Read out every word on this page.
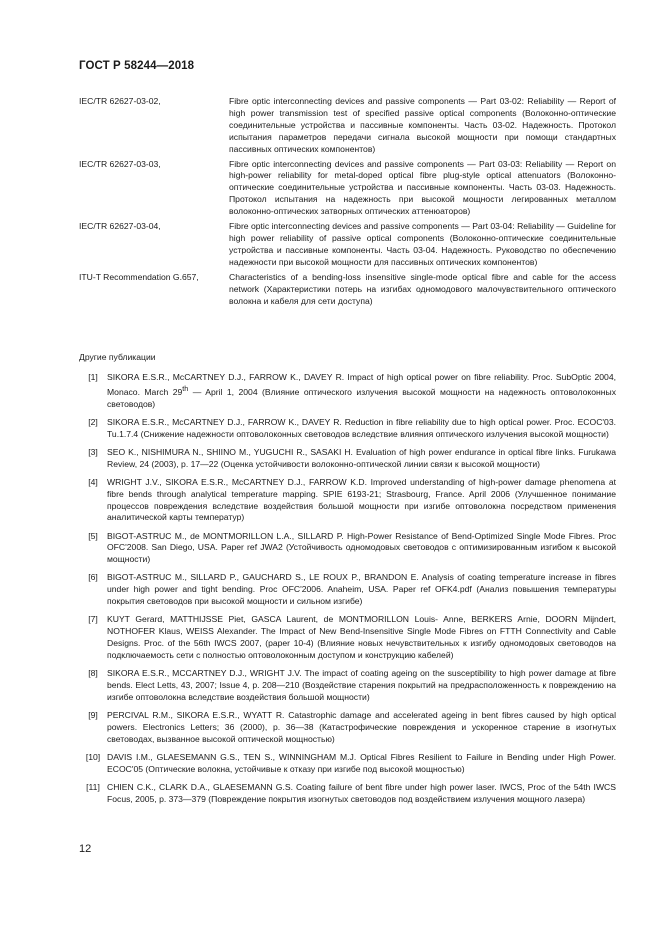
ГОСТ Р 58244—2018
IEC/TR 62627-03-02,	Fibre optic interconnecting devices and passive components — Part 03-02: Reliability — Report of high power transmission test of specified passive optical components (Волоконно-оптические соединительные устройства и пассивные компоненты. Часть 03-02. Надежность. Протокол испытания параметров передачи сигнала высокой мощности при помощи стандартных пассивных оптических компонентов)
IEC/TR 62627-03-03,	Fibre optic interconnecting devices and passive components — Part 03-03: Reliability — Report on high-power reliability for metal-doped optical fibre plug-style optical attenuators (Волоконно-оптические соединительные устройства и пассивные компоненты. Часть 03-03. Надежность. Протокол испытания на надежность при высокой мощности легированных металлом волоконно-оптических затворных оптических аттенюаторов)
IEC/TR 62627-03-04,	Fibre optic interconnecting devices and passive components — Part 03-04: Reliability — Guideline for high power reliability of passive optical components (Волоконно-оптические соединительные устройства и пассивные компоненты. Часть 03-04. Надежность. Руководство по обеспечению надежности при высокой мощности для пассивных оптических компонентов)
ITU-T Recommendation G.657,	Characteristics of a bending-loss insensitive single-mode optical fibre and cable for the access network (Характеристики потерь на изгибах одномодового малочувствительного оптического волокна и кабеля для сети доступа)
Другие публикации
[1]	SIKORA E.S.R., McCARTNEY D.J., FARROW K., DAVEY R. Impact of high optical power on fibre reliability. Proc. SubOptic 2004, Monaco. March 29th — April 1, 2004 (Влияние оптического излучения высокой мощности на надежность оптоволоконных световодов)
[2]	SIKORA E.S.R., McCARTNEY D.J., FARROW K., DAVEY R. Reduction in fibre reliability due to high optical power. Proc. ECOC'03. Tu.1.7.4 (Снижение надежности оптоволоконных световодов вследствие влияния оптического излучения высокой мощности)
[3]	SEO K., NISHIMURA N., SHIINO M., YUGUCHI R., SASAKI H. Evaluation of high power endurance in optical fibre links. Furukawa Review, 24 (2003), p. 17—22 (Оценка устойчивости волоконно-оптической линии связи к высокой мощности)
[4]	WRIGHT J.V., SIKORA E.S.R., McCARTNEY D.J., FARROW K.D. Improved understanding of high-power damage phenomena at fibre bends through analytical temperature mapping. SPIE 6193-21; Strasbourg, France. April 2006 (Улучшенное понимание процессов повреждения вследствие воздействия большой мощности при изгибе оптоволокна посредством применения аналитической карты температур)
[5]	BIGOT-ASTRUC M., de MONTMORILLON L.A., SILLARD P. High-Power Resistance of Bend-Optimized Single Mode Fibres. Proc OFC'2008. San Diego, USA. Paper ref JWA2 (Устойчивость одномодовых световодов с оптимизированным изгибом к высокой мощности)
[6]	BIGOT-ASTRUC M., SILLARD P., GAUCHARD S., LE ROUX P., BRANDON E. Analysis of coating temperature increase in fibres under high power and tight bending. Proc OFC'2006. Anaheim, USA. Paper ref OFK4.pdf (Анализ повышения температуры покрытия световодов при высокой мощности и сильном изгибе)
[7]	KUYT Gerard, MATTHIJSSE Piet, GASCA Laurent, de MONTMORILLON Louis- Anne, BERKERS Arnie, DOORN Mijndert, NOTHOFER Klaus, WEISS Alexander. The Impact of New Bend-Insensitive Single Mode Fibres on FTTH Connectivity and Cable Designs. Proc. of the 56th IWCS 2007, (paper 10-4) (Влияние новых нечувствительных к изгибу одномодовых световодов на подключаемость сети с полностью оптоволоконным доступом и конструкцию кабелей)
[8]	SIKORA E.S.R., MCCARTNEY D.J., WRIGHT J.V. The impact of coating ageing on the susceptibility to high power damage at fibre bends. Elect Letts, 43, 2007; Issue 4, p. 208—210 (Воздействие старения покрытий на предрасположенность к повреждению на изгибе оптоволокна вследствие воздействия большой мощности)
[9]	PERCIVAL R.M., SIKORA E.S.R., WYATT R. Catastrophic damage and accelerated ageing in bent fibres caused by high optical powers. Electronics Letters; 36 (2000), p. 36—38 (Катастрофические повреждения и ускоренное старение в изогнутых световодах, вызванное высокой оптической мощностью)
[10] DAVIS I.M., GLAESEMANN G.S., TEN S., WINNINGHAM M.J. Optical Fibres Resilient to Failure in Bending under High Power. ECOC'05 (Оптические волокна, устойчивые к отказу при изгибе под высокой мощностью)
[11] CHIEN C.K., CLARK D.A., GLAESEMANN G.S. Coating failure of bent fibre under high power laser. IWCS, Proc of the 54th IWCS Focus, 2005, p. 373—379 (Повреждение покрытия изогнутых световодов под воздействием излучения мощного лазера)
12
